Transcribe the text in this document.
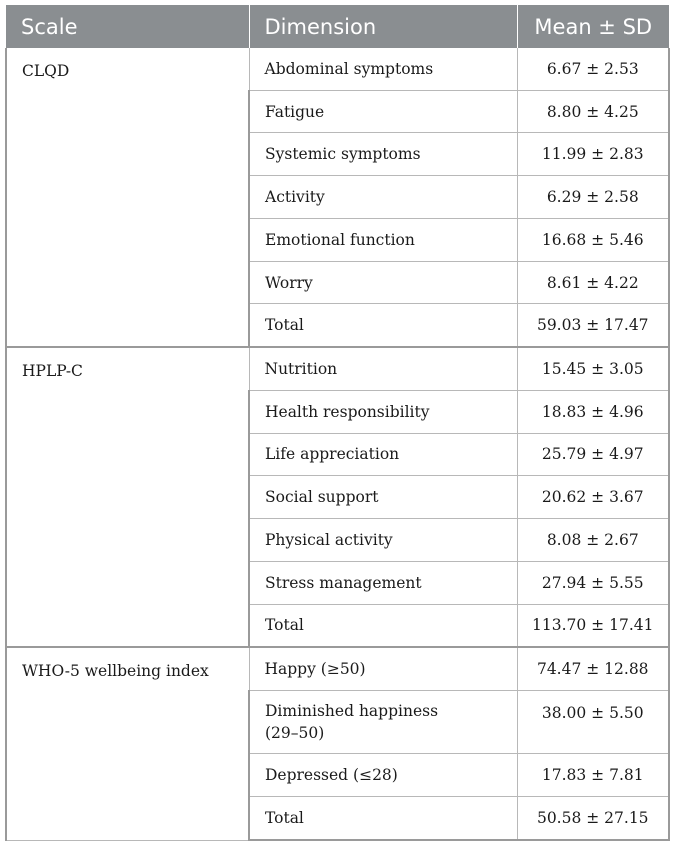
Scale	Dimension	Mean ± SD
CLQD	Abdominal symptoms	6.67 ± 2.53
	Fatigue	8.80 ± 4.25
	Systemic symptoms	11.99 ± 2.83
	Activity	6.29 ± 2.58
	Emotional function	16.68 ± 5.46
	Worry	8.61 ± 4.22
	Total	59.03 ± 17.47
HPLP-C	Nutrition	15.45 ± 3.05
	Health responsibility	18.83 ± 4.96
	Life appreciation	25.79 ± 4.97
	Social support	20.62 ± 3.67
	Physical activity	8.08 ± 2.67
	Stress management	27.94 ± 5.55
	Total	113.70 ± 17.41
WHO-5 wellbeing index	Happy (≥50)	74.47 ± 12.88
	Diminished happiness (29–50)	38.00 ± 5.50
	Depressed (≤28)	17.83 ± 7.81
	Total	50.58 ± 27.15
